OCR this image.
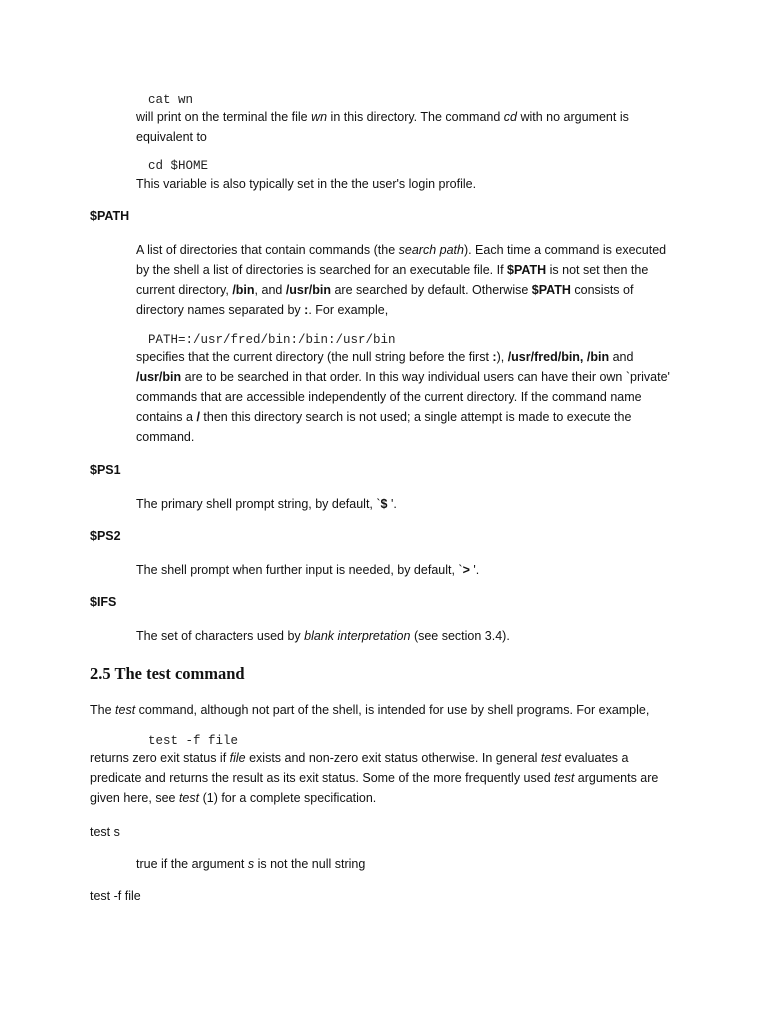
cat wn
will print on the terminal the file wn in this directory. The command cd with no argument is equivalent to
cd $HOME
This variable is also typically set in the the user's login profile.
$PATH
A list of directories that contain commands (the search path). Each time a command is executed by the shell a list of directories is searched for an executable file. If $PATH is not set then the current directory, /bin, and /usr/bin are searched by default. Otherwise $PATH consists of directory names separated by :. For example,
PATH=:/usr/fred/bin:/bin:/usr/bin
specifies that the current directory (the null string before the first :), /usr/fred/bin, /bin and /usr/bin are to be searched in that order. In this way individual users can have their own `private' commands that are accessible independently of the current directory. If the command name contains a / then this directory search is not used; a single attempt is made to execute the command.
$PS1
The primary shell prompt string, by default, `$ '.
$PS2
The shell prompt when further input is needed, by default, `> '.
$IFS
The set of characters used by blank interpretation (see section 3.4).
2.5 The test command
The test command, although not part of the shell, is intended for use by shell programs. For example,
test -f file
returns zero exit status if file exists and non-zero exit status otherwise. In general test evaluates a predicate and returns the result as its exit status. Some of the more frequently used test arguments are given here, see test (1) for a complete specification.
test s
true if the argument s is not the null string
test -f file
